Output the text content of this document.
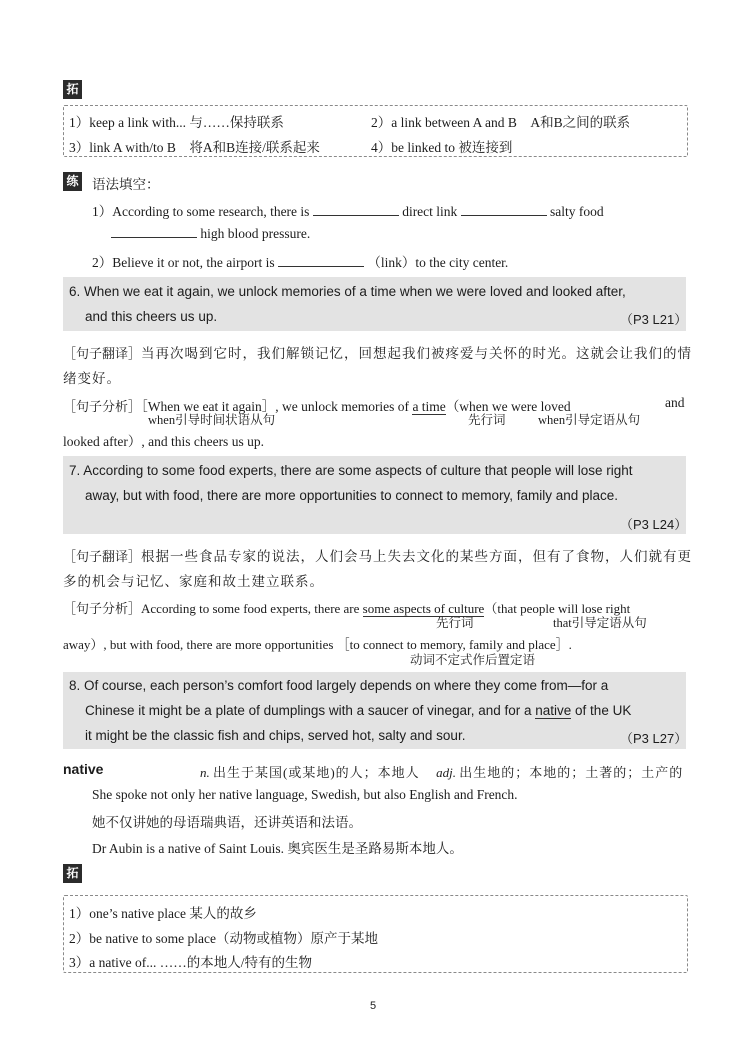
拓
1）keep a link with... 与……保持联系	2）a link between A and B　A和B之间的联系
3）link A with/to B　将A和B连接/联系起来	4）be linked to 被连接到
练 语法填空：
1）According to some research, there is	direct link	salty food
high blood pressure.
2）Believe it or not, the airport is	（link）to the city center.
6. When we eat it again, we unlock memories of a time when we were loved and looked after,
and this cheers us up.	（P3 L21）
［句子翻译］当再次喝到它时，我们解锁记忆，回想起我们被疼爱与关怀的时光。这就会让我们的情
绪变好。
［句子分析］［When we eat it again］, we unlock memories of a time（when we were loved	and
when引导时间状语从句	先行词	when引导定语从句
looked after）, and this cheers us up.
7. According to some food experts, there are some aspects of culture that people will lose right
away, but with food, there are more opportunities to connect to memory, family and place.
（P3 L24）
［句子翻译］根据一些食品专家的说法，人们会马上失去文化的某些方面，但有了食物，人们就有更
多的机会与记忆、家庭和故土建立联系。
［句子分析］According to some food experts, there are some aspects of culture（that people will lose right
先行词	that引导定语从句
away）, but with food, there are more opportunities ［to connect to memory, family and place］.
动词不定式作后置定语
8. Of course, each person’s comfort food largely depends on where they come from—for a
Chinese it might be a plate of dumplings with a saucer of vinegar, and for a native of the UK
it might be the classic fish and chips, served hot, salty and sour.	（P3 L27）
native	n. 出生于某国(或某地)的人；本地人 adj. 出生地的；本地的；土著的；土产的
She spoke not only her native language, Swedish, but also English and French.
她不仅讲她的母语瑞典语，还讲英语和法语。
Dr Aubin is a native of Saint Louis. 奥宾医生是圣路易斯本地人。
拓
1）one’s native place 某人的故乡
2）be native to some place（动物或植物）原产于某地
3）a native of... ……的本地人/特有的生物
5
